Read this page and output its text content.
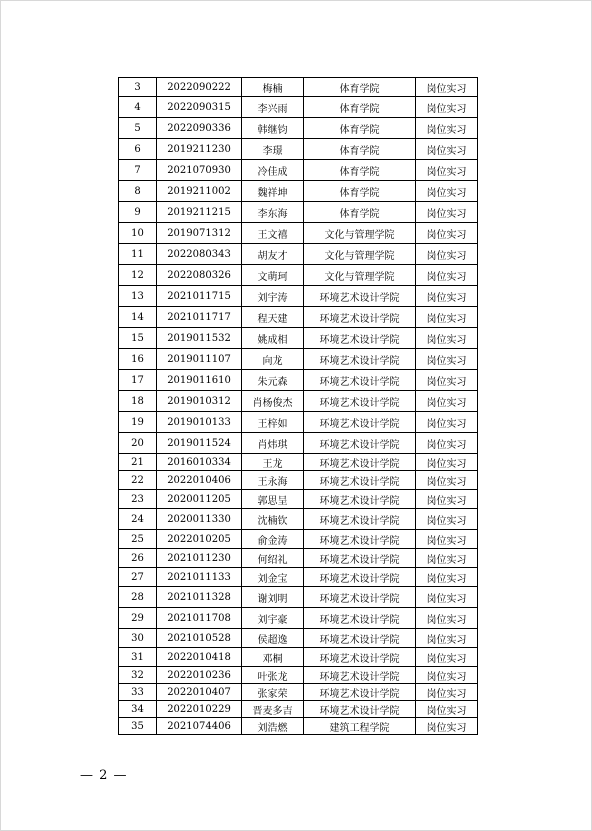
3	2022090222	梅楠	体育学院	岗位实习
4	2022090315	李兴雨	体育学院	岗位实习
5	2022090336	韩继钧	体育学院	岗位实习
6	2019211230	李璟	体育学院	岗位实习
7	2021070930	冷佳成	体育学院	岗位实习
8	2019211002	魏祥坤	体育学院	岗位实习
9	2019211215	李东海	体育学院	岗位实习
10	2019071312	王文禧	文化与管理学院	岗位实习
11	2022080343	胡友才	文化与管理学院	岗位实习
12	2022080326	文萌珂	文化与管理学院	岗位实习
13	2021011715	刘宇涛	环境艺术设计学院	岗位实习
14	2021011717	程天建	环境艺术设计学院	岗位实习
15	2019011532	姚成相	环境艺术设计学院	岗位实习
16	2019011107	向龙	环境艺术设计学院	岗位实习
17	2019011610	朱元森	环境艺术设计学院	岗位实习
18	2019010312	肖杨俊杰	环境艺术设计学院	岗位实习
19	2019010133	王梓如	环境艺术设计学院	岗位实习
20	2019011524	肖炜琪	环境艺术设计学院	岗位实习
21	2016010334	王龙	环境艺术设计学院	岗位实习
22	2022010406	王永海	环境艺术设计学院	岗位实习
23	2020011205	郭思呈	环境艺术设计学院	岗位实习
24	2020011330	沈楠钦	环境艺术设计学院	岗位实习
25	2022010205	俞金涛	环境艺术设计学院	岗位实习
26	2021011230	何绍礼	环境艺术设计学院	岗位实习
27	2021011133	刘金宝	环境艺术设计学院	岗位实习
28	2021011328	谢刘明	环境艺术设计学院	岗位实习
29	2021011708	刘宇豪	环境艺术设计学院	岗位实习
30	2021010528	侯超逸	环境艺术设计学院	岗位实习
31	2022010418	邓桐	环境艺术设计学院	岗位实习
32	2022010236	叶张龙	环境艺术设计学院	岗位实习
33	2022010407	张家荣	环境艺术设计学院	岗位实习
34	2022010229	晋麦多吉	环境艺术设计学院	岗位实习
35	2021074406	刘浩燃	建筑工程学院	岗位实习
— 2 —
